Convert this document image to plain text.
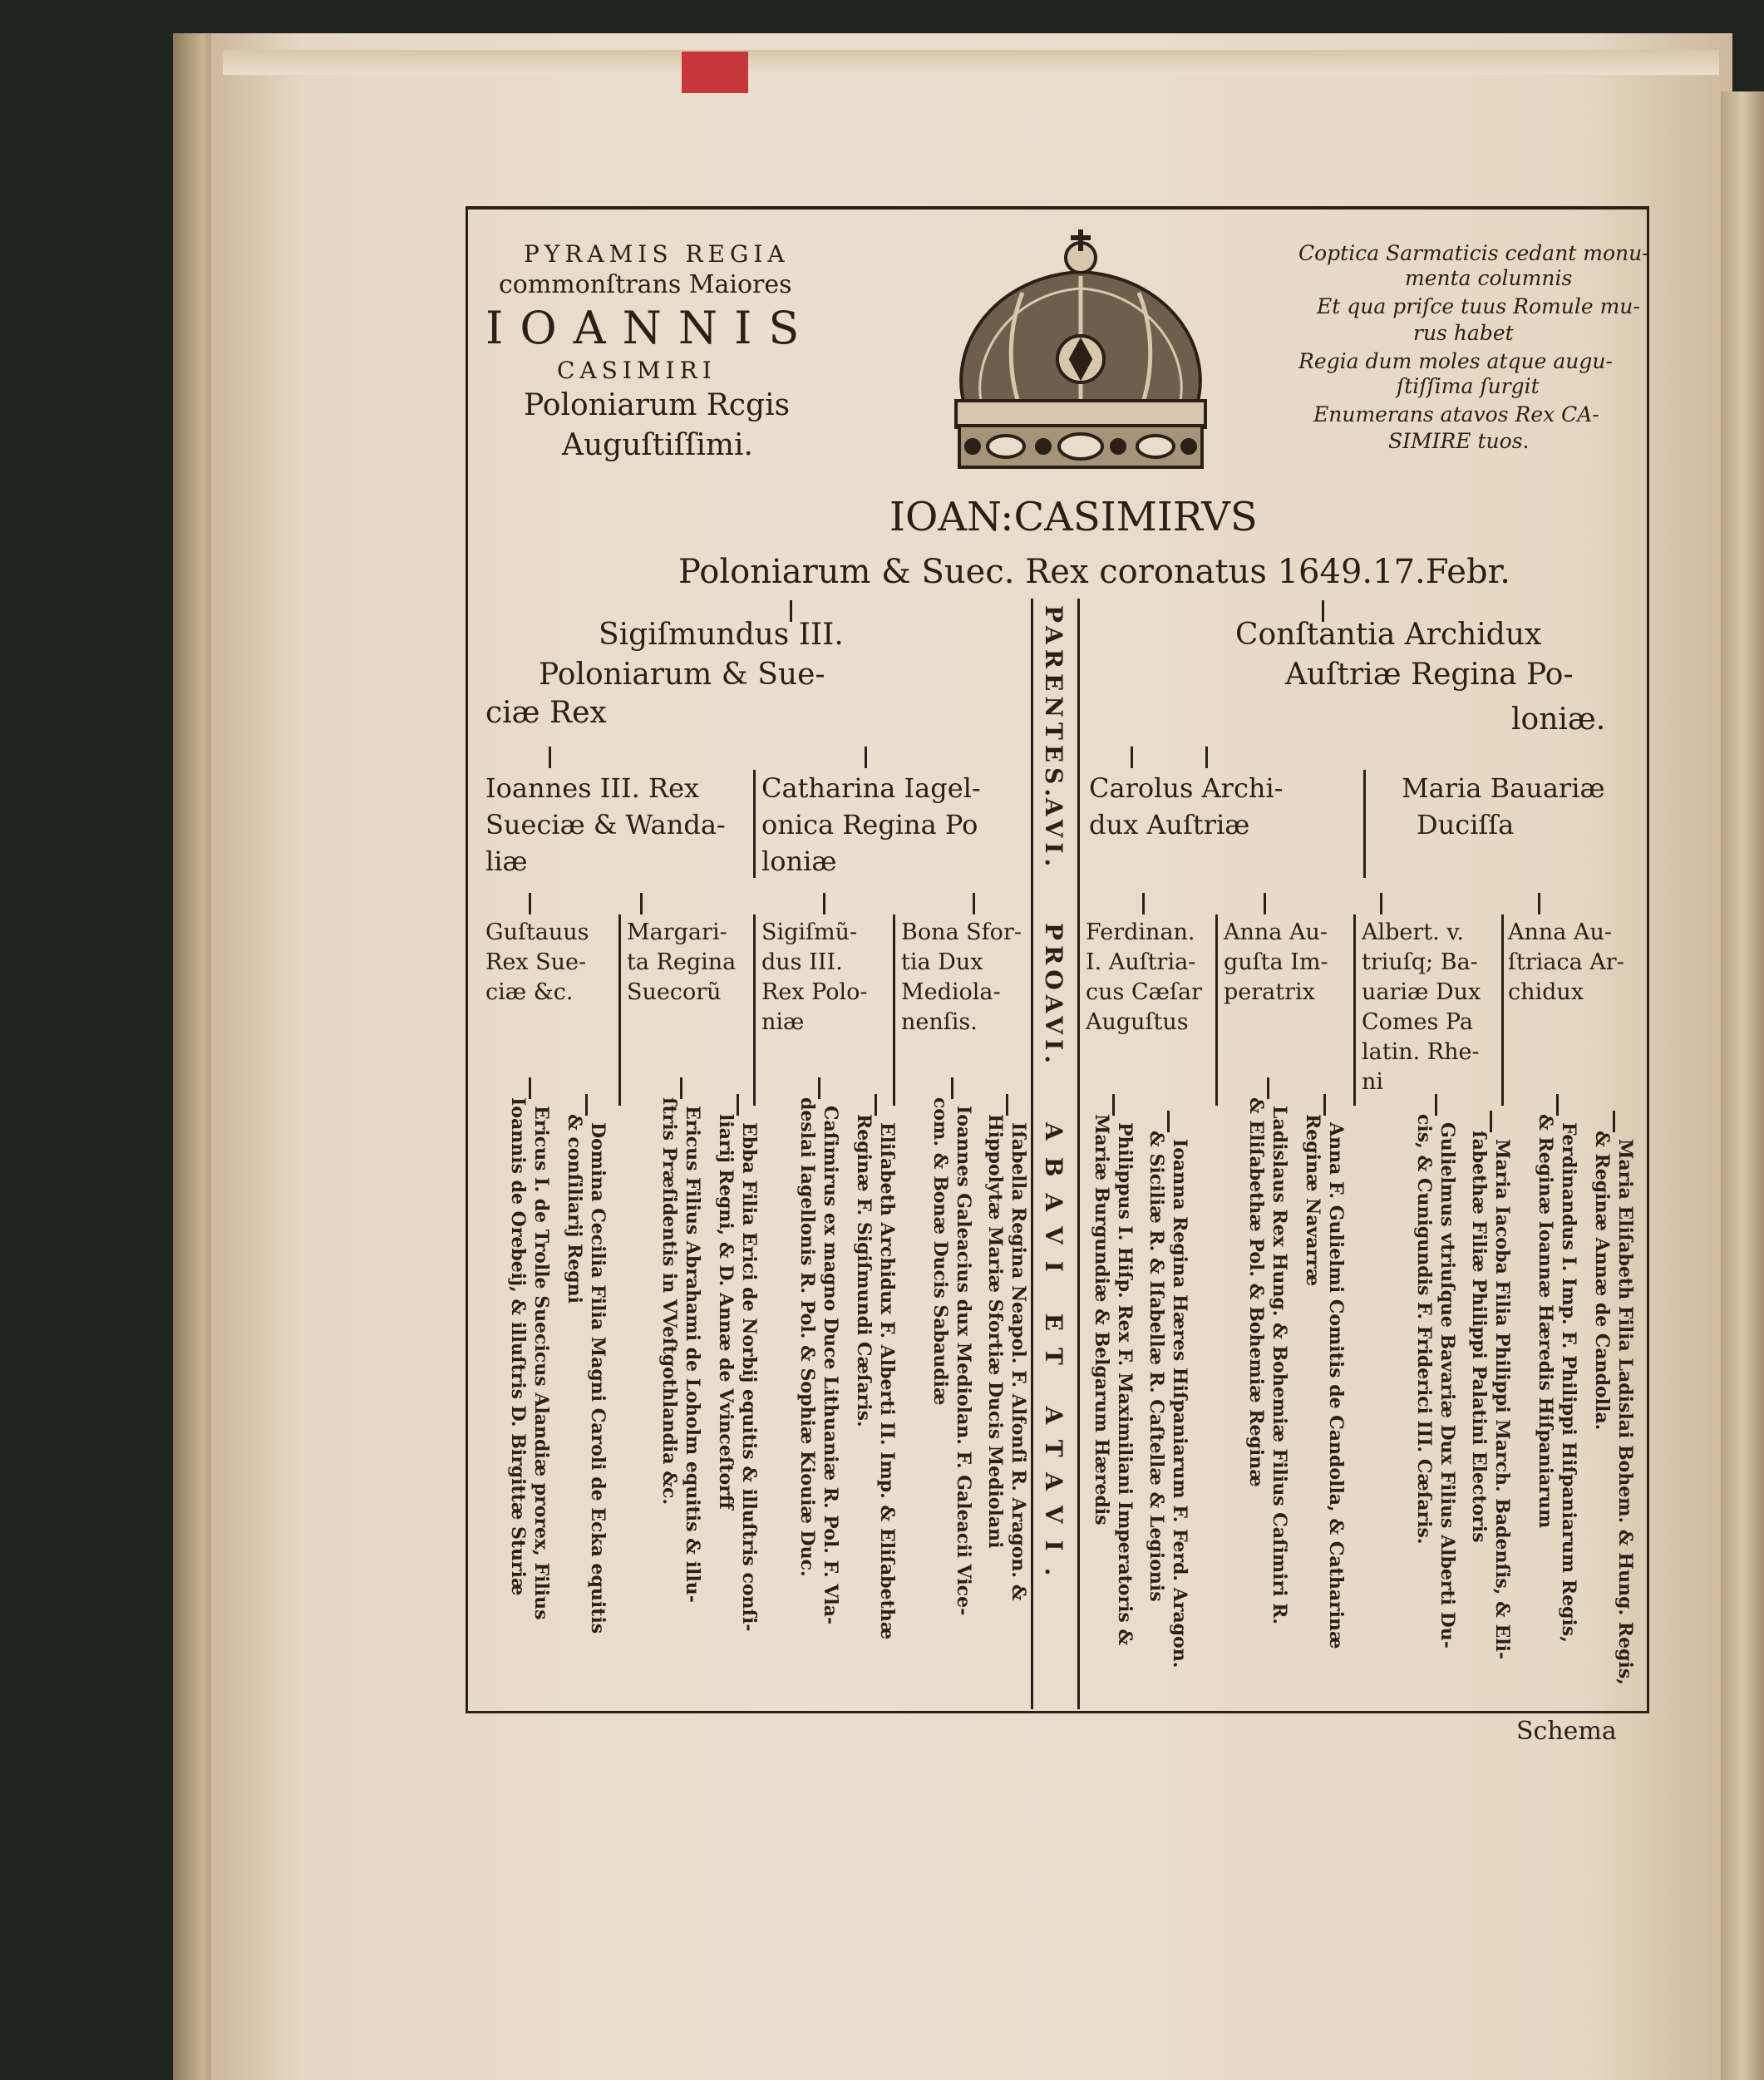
PYRAMIS REGIA
commonſtrans Maiores
IOANNIS
CASIMIRI
Poloniarum Rcgis
Auguſtiſſimi.
Coptica Sarmaticis cedant monu-
menta columnis
Et qua priſce tuus Romule mu-
rus habet
Regia dum moles atque augu-
ſtiſſima ſurgit
Enumerans atavos Rex CA-
SIMIRE tuos.
IOAN:CASIMIRVS
Poloniarum & Suec. Rex coronatus 1649.17.Febr.
PARENTES.
AVI.
PROAVI.
ABAVI ET ATAVI.
Sigiſmundus III.
Poloniarum & Sue-
ciæ Rex
Conſtantia Archidux
Auſtriæ Regina Po-
loniæ.
Ioannes III. Rex
Sueciæ & Wanda-
liæ
Catharina Iagel-
onica Regina Po
loniæ
Carolus Archi-
dux Auſtriæ
Maria Bauariæ
Duciſſa
Guſtauus
Rex Sue-
ciæ &c.
Margari-
ta Regina
Suecorũ
Sigiſmũ-
dus III.
Rex Polo-
niæ
Bona Sfor-
tia Dux
Mediola-
nenſis.
Ferdinan.
I. Auſtria-
cus Cæſar
Auguſtus
Anna Au-
guſta Im-
peratrix
Albert. v.
triuſq; Ba-
uariæ Dux
Comes Pa
latin. Rhe-
ni
Anna Au-
ſtriaca Ar-
chidux
Ericus I. de Trolle Suecicus Alandiæ prorex, Filius
Ioannis de Orebeij, & illuſtris D. Birgittæ Sturiæ	Domina Cecilia Filia Magni Caroli de Ecka equitis
& conſiliarij Regni	Ericus Filius Abrahami de Loholm equitis & illu-
ſtris Præſidentis in VVeſtgothlandia &c.	Ebba Filia Erici de Norbij equitis & illuſtris conſi-
liarij Regni, & D. Annæ de Vvinceſtorff	Caſimirus ex magno Duce Lithuaniæ R. Pol. F. Vla-
deslai Iagellonis R. Pol. & Sophiæ Kiouiæ Duc.	Eliſabeth Archidux F. Alberti II. Imp. & Eliſabethæ
Reginæ F. Sigiſmundi Cæſaris.	Ioannes Galeacius dux Mediolan. F. Galeacii Vice-
com. & Bonæ Ducis Sabaudiæ	Iſabella Regina Neapol. F. Alfonſi R. Aragon. &
Hippolytæ Mariæ Sfortiæ Ducis Mediolani	Philippus I. Hiſp. Rex F. Maximiliani Imperatoris &
Mariæ Burgundiæ & Belgarum Hæredis	Ioanna Regina Hæres Hiſpaniarum F. Ferd. Aragon.
& Siciliæ R. & Iſabellæ R. Caſtellæ & Legionis	Ladislaus Rex Hung. & Bohemiæ Filius Caſimiri R.
& Eliſabethæ Pol. & Bohemiæ Reginæ	Anna F. Gulielmi Comitis de Candolla, & Catharinæ
Reginæ Navarræ	Gulielmus vtriuſque Bavariæ Dux Filius Alberti Du-
cis, & Cunigundis F. Friderici III. Cæſaris.	Maria Iacoba Filia Philippi March. Badenſis, & Eli-
ſabethæ Filiæ Philippi Palatini Electoris	Ferdinandus I. Imp. F. Philippi Hiſpaniarum Regis,
& Reginæ Ioannæ Hæredis Hiſpaniarum	Maria Eliſabeth Filia Ladislai Bohem. & Hung. Regis,
& Reginæ Annæ de Candolla.
Schema
